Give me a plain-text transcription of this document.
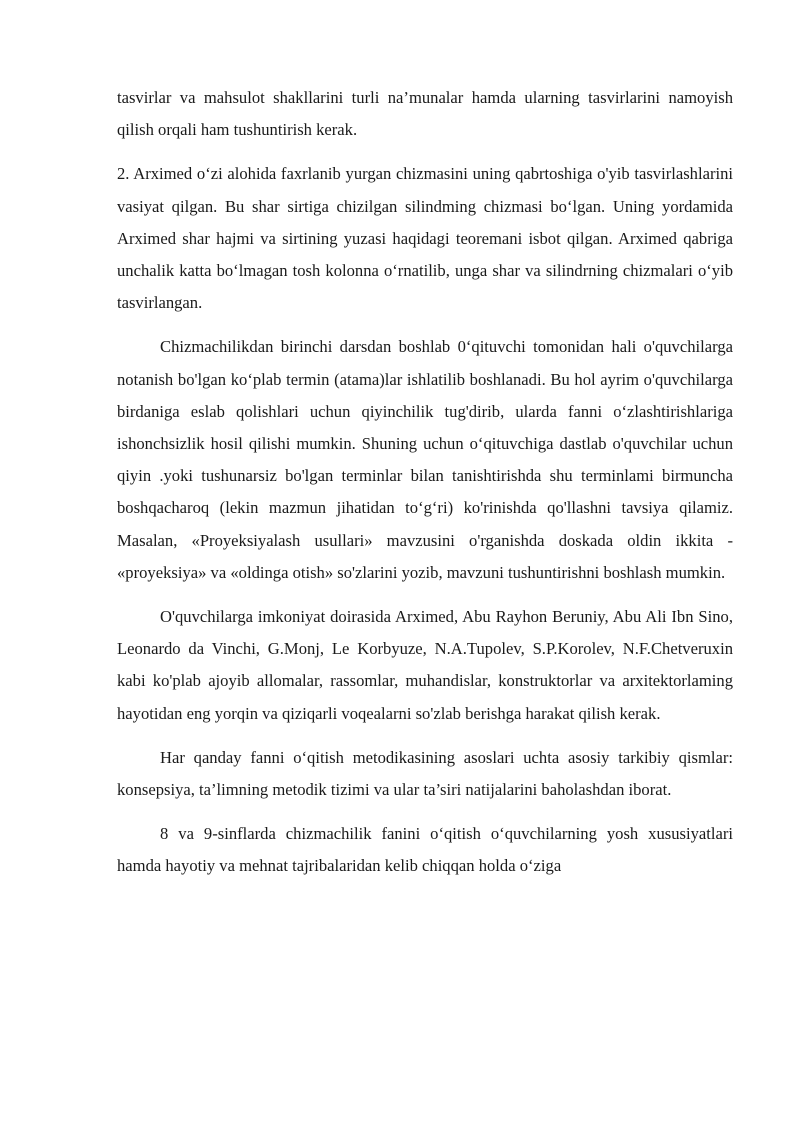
tasvirlar va mahsulot shakllarini turli na’munalar hamda ularning tasvirlarini namoyish qilish orqali ham tushuntirish kerak.

2. Arximed o‘zi alohida faxrlanib yurgan chizmasini uning qabrtoshiga o'yib tasvirlashlarini vasiyat qilgan. Bu shar sirtiga chizilgan silindming chizmasi bo‘lgan. Uning yordamida Arximed shar hajmi va sirtining yuzasi haqidagi teoremani isbot qilgan. Arximed qabriga unchalik katta bo‘lmagan tosh kolonna o‘rnatilib, unga shar va silindrning chizmalari o‘yib tasvirlangan.

Chizmachilikdan birinchi darsdan boshlab 0‘qituvchi tomonidan hali o'quvchilarga notanish bo'lgan ko‘plab termin (atama)lar ishlatilib boshlanadi. Bu hol ayrim o'quvchilarga birdaniga eslab qolishlari uchun qiyinchilik tug'dirib, ularda fanni o‘zlashtirishlariga ishonchsizlik hosil qilishi mumkin. Shuning uchun o‘qituvchiga dastlab o'quvchilar uchun qiyin .yoki tushunarsiz bo'lgan terminlar bilan tanishtirishda shu terminlami birmuncha boshqacharoq (lekin mazmun jihatidan to‘g‘ri) ko'rinishda qo'llashni tavsiya qilamiz. Masalan, «Proyeksiyalash usullari» mavzusini o'rganishda doskada oldin ikkita - «proyeksiya» va «oldinga otish» so'zlarini yozib, mavzuni tushuntirishni boshlash mumkin.

O'quvchilarga imkoniyat doirasida Arximed, Abu Rayhon Beruniy, Abu Ali Ibn Sino, Leonardo da Vinchi, G.Monj, Le Korbyuze, N.A.Tupolev, S.P.Korolev, N.F.Chetveruxin kabi ko'plab ajoyib allomalar, rassomlar, muhandislar, konstruktorlar va arxitektorlaming hayotidan eng yorqin va qiziqarli voqealarni so'zlab berishga harakat qilish kerak.

Har qanday fanni o‘qitish metodikasining asoslari uchta asosiy tarkibiy qismlar: konsepsiya, ta’limning metodik tizimi va ular ta’siri natijalarini baholashdan iborat.

8 va 9-sinflarda chizmachilik fanini o‘qitish o‘quvchilarning yosh xususiyatlari hamda hayotiy va mehnat tajribalaridan kelib chiqqan holda o‘ziga
